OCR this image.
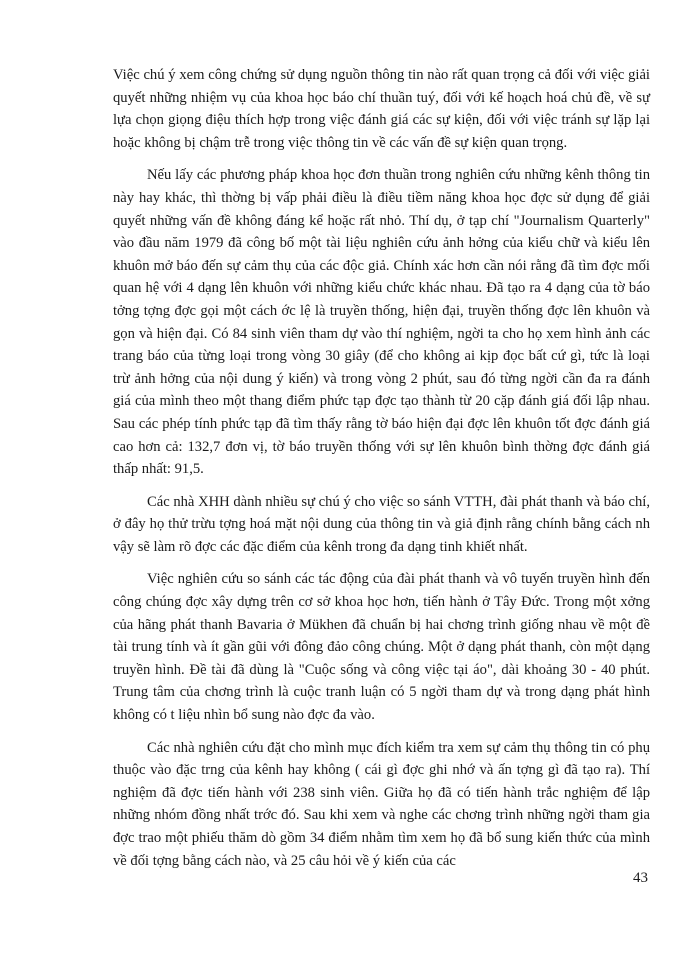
Việc chú ý xem công chứng sử dụng nguồn thông tin nào rất quan trọng cả đối với việc giải quyết những nhiệm vụ của khoa học báo chí thuần tuý, đối với kế hoạch hoá chủ đề, về sự lựa chọn giọng điệu thích hợp trong việc đánh giá các sự kiện, đối với việc tránh sự lặp lại hoặc không bị chậm trễ trong việc thông tin về các vấn đề sự kiện quan trọng.

Nếu lấy các phương pháp khoa học đơn thuần trong nghiên cứu những kênh thông tin này hay khác, thì thờng bị vấp phải điều là điều tiềm năng khoa học đợc sử dụng để giải quyết những vấn đề không đáng kể hoặc rất nhỏ. Thí dụ, ở tạp chí "Journalism Quarterly" vào đầu năm 1979 đã công bố một tài liệu nghiên cứu ảnh hởng của kiểu chữ và kiểu lên khuôn mở báo đến sự cảm thụ của các độc giả. Chính xác hơn cần nói rằng đã tìm đợc mối quan hệ với 4 dạng lên khuôn với những kiểu chức khác nhau. Đã tạo ra 4 dạng của tờ báo tởng tợng đợc gọi một cách ớc lệ là truyền thống, hiện đại, truyền thống đợc lên khuôn và gọn và hiện đại. Có 84 sinh viên tham dự vào thí nghiệm, ngời ta cho họ xem hình ảnh các trang báo của từng loại trong vòng 30 giây (để cho không ai kịp đọc bất cứ gì, tức là loại trừ ảnh hởng của nội dung ý kiến) và trong vòng 2 phút, sau đó từng ngời cần đa ra đánh giá của mình theo một thang điểm phức tạp đợc tạo thành từ 20 cặp đánh giá đối lập nhau. Sau các phép tính phức tạp đã tìm thấy rằng tờ báo hiện đại đợc lên khuôn tốt đợc đánh giá cao hơn cả: 132,7 đơn vị, tờ báo truyền thống với sự lên khuôn bình thờng đợc đánh giá thấp nhất: 91,5.

Các nhà XHH dành nhiều sự chú ý cho việc so sánh VTTH, đài phát thanh và báo chí, ở đây họ thử trừu tợng hoá mặt nội dung của thông tin và giả định rằng chính bằng cách nh vậy sẽ làm rõ đợc các đặc điểm của kênh trong đa dạng tinh khiết nhất.

Việc nghiên cứu so sánh các tác động của đài phát thanh và vô tuyến truyền hình đến công chúng đợc xây dựng trên cơ sở khoa học hơn, tiến hành ở Tây Đức. Trong một xởng của hãng phát thanh Bavaria ở Mükhen đã chuẩn bị hai chơng trình giống nhau về một đề tài trung tính và ít gần gũi với đông đảo công chúng. Một ở dạng phát thanh, còn một dạng truyền hình. Đề tài đã dùng là "Cuộc sống và công việc tại áo", dài khoảng 30 - 40 phút. Trung tâm của chơng trình là cuộc tranh luận có 5 ngời tham dự và trong dạng phát hình không có t liệu nhìn bổ sung nào đợc đa vào.

Các nhà nghiên cứu đặt cho mình mục đích kiểm tra xem sự cảm thụ thông tin có phụ thuộc vào đặc trng của kênh hay không ( cái gì đợc ghi nhớ và ấn tợng gì đã tạo ra). Thí nghiệm đã đợc tiến hành với 238 sinh viên. Giữa họ đã có tiến hành trắc nghiệm để lập những nhóm đồng nhất trớc đó. Sau khi xem và nghe các chơng trình những ngời tham gia đợc trao một phiếu thăm dò gồm 34 điểm nhằm tìm xem họ đã bổ sung kiến thức của mình về đối tợng bằng cách nào, và 25 câu hỏi về ý kiến của các

43
